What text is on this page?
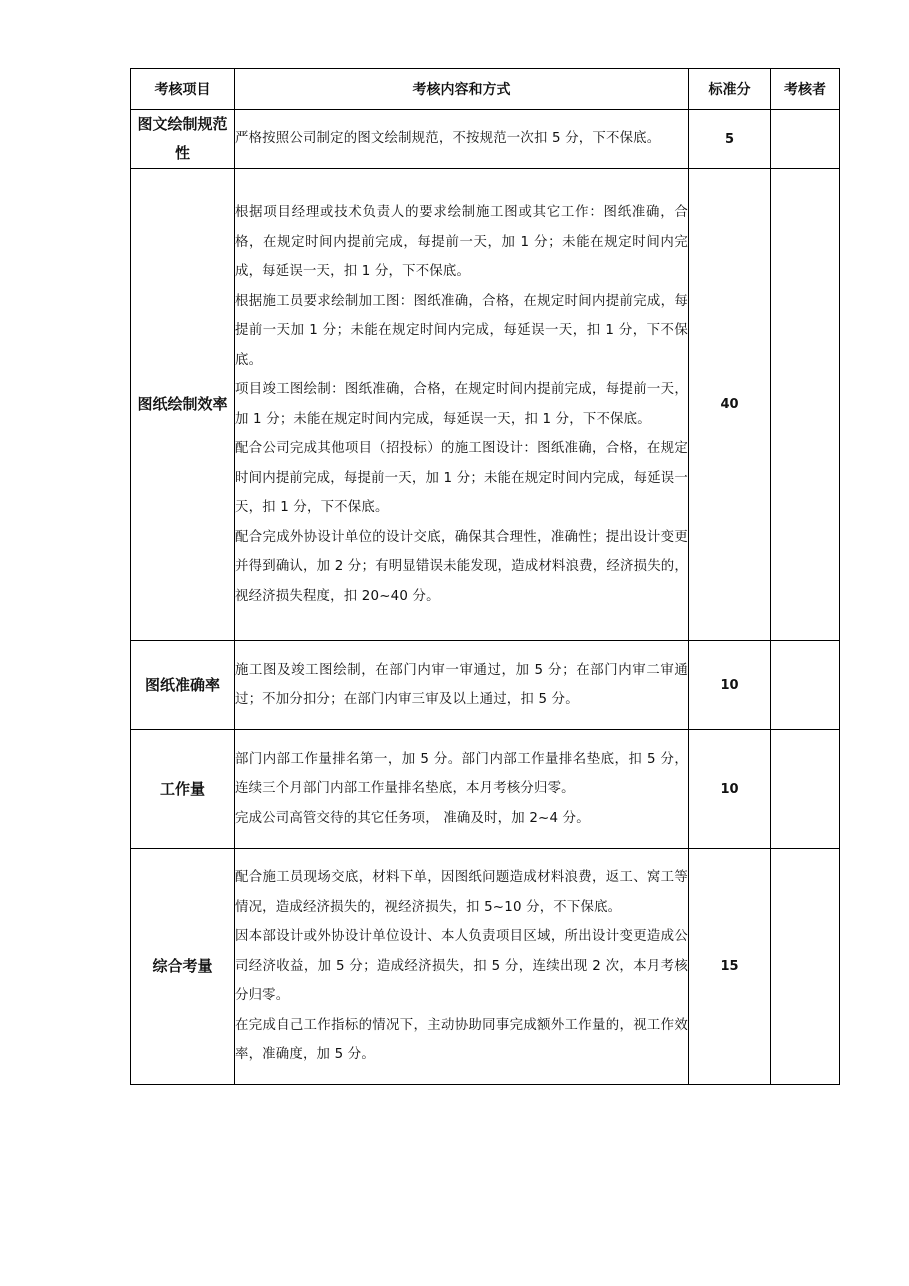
考核项目	考核内容和方式	标准分	考核者
图文绘制规范性	严格按照公司制定的图文绘制规范，不按规范一次扣 5 分，下不保底。	5	
图纸绘制效率	根据项目经理或技术负责人的要求绘制施工图或其它工作：图纸准确，合格，在规定时间内提前完成，每提前一天，加 1 分；未能在规定时间内完成，每延误一天，扣 1 分，下不保底。

根据施工员要求绘制加工图：图纸准确，合格，在规定时间内提前完成，每提前一天加 1 分；未能在规定时间内完成，每延误一天，扣 1 分，下不保底。

项目竣工图绘制：图纸准确，合格，在规定时间内提前完成，每提前一天，加 1 分；未能在规定时间内完成，每延误一天，扣 1 分，下不保底。

配合公司完成其他项目（招投标）的施工图设计：图纸准确，合格，在规定时间内提前完成，每提前一天，加 1 分；未能在规定时间内完成，每延误一天，扣 1 分，下不保底。

配合完成外协设计单位的设计交底，确保其合理性，准确性；提出设计变更并得到确认，加 2 分；有明显错误未能发现，造成材料浪费，经济损失的，视经济损失程度，扣 20~40 分。	40	
图纸准确率	施工图及竣工图绘制，在部门内审一审通过，加 5 分；在部门内审二审通过；不加分扣分；在部门内审三审及以上通过，扣 5 分。	10	
工作量	部门内部工作量排名第一，加 5 分。部门内部工作量排名垫底，扣 5 分，连续三个月部门内部工作量排名垫底，本月考核分归零。

完成公司高管交待的其它任务项， 准确及时，加 2~4 分。	10	
综合考量	配合施工员现场交底，材料下单，因图纸问题造成材料浪费，返工、窝工等情况，造成经济损失的，视经济损失，扣 5~10 分，不下保底。

因本部设计或外协设计单位设计、本人负责项目区域，所出设计变更造成公司经济收益，加 5 分；造成经济损失，扣 5 分，连续出现 2 次，本月考核分归零。

在完成自己工作指标的情况下，主动协助同事完成额外工作量的，视工作效率，准确度，加 5 分。	15	
